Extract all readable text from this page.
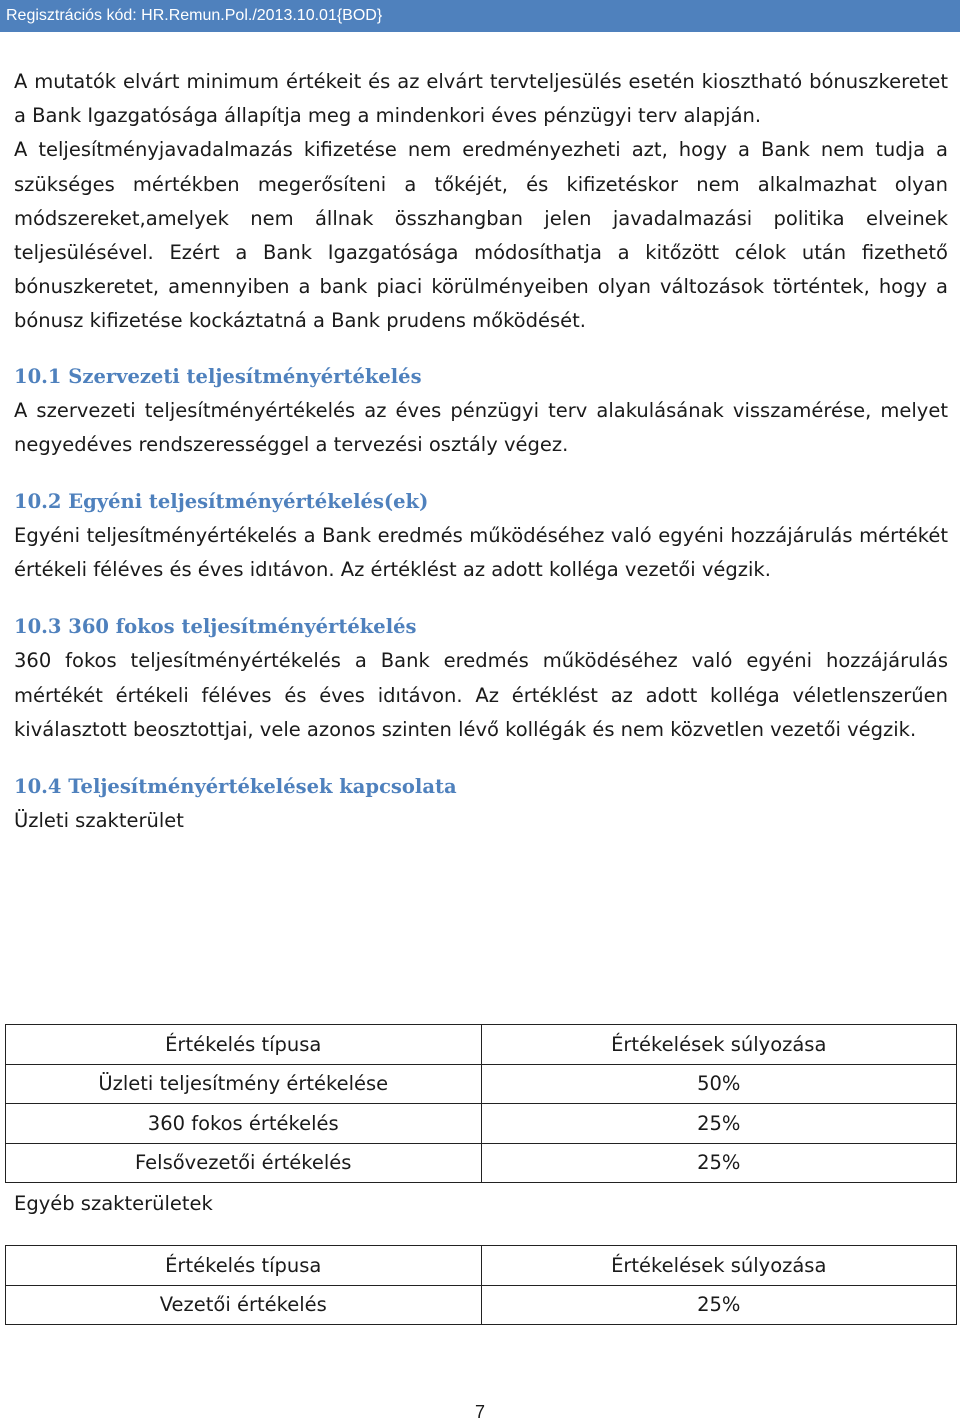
Regisztrációs kód: HR.Remun.Pol./2013.10.01{BOD}

A mutatók elvárt minimum értékeit és az elvárt tervteljesülés esetén kiosztható bónuszkeretet a Bank Igazgatósága állapítja meg a mindenkori éves pénzügyi terv alapján.

A teljesítményjavadalmazás kifizetése nem eredményezheti azt, hogy a Bank nem tudja a szükséges mértékben megerősíteni a tőkéjét, és kifizetéskor nem alkalmazhat olyan módszereket,amelyek nem állnak összhangban jelen javadalmazási politika elveinek teljesülésével. Ezért a Bank Igazgatósága módosíthatja a kitőzött célok után fizethető bónuszkeretet, amennyiben a bank piaci körülményeiben olyan változások történtek, hogy a bónusz kifizetése kockáztatná a Bank prudens mőködését.

10.1 Szervezeti teljesítményértékelés

A szervezeti teljesítményértékelés az éves pénzügyi terv alakulásának visszamérése, melyet negyedéves rendszerességgel a tervezési osztály végez.

10.2 Egyéni teljesítményértékelés(ek)

Egyéni teljesítményértékelés a Bank eredmés működéséhez való egyéni hozzájárulás mértékét értékeli féléves és éves idıtávon. Az értéklést az adott kolléga vezetői végzik.

10.3 360 fokos teljesítményértékelés

360 fokos teljesítményértékelés a Bank eredmés működéséhez való egyéni hozzájárulás mértékét értékeli féléves és éves idıtávon. Az értéklést az adott kolléga véletlenszerűen kiválasztott beosztottjai, vele azonos szinten lévő kollégák és nem közvetlen vezetői végzik.

10.4 Teljesítményértékelések kapcsolata

Üzleti szakterület

Értékelés típusa	Értékelések súlyozása
Üzleti teljesítmény értékelése	50%
360 fokos értékelés	25%
Felsővezetői értékelés	25%
Egyéb szakterületek
Értékelés típusa	Értékelések súlyozása
Vezetői értékelés	25%
7
